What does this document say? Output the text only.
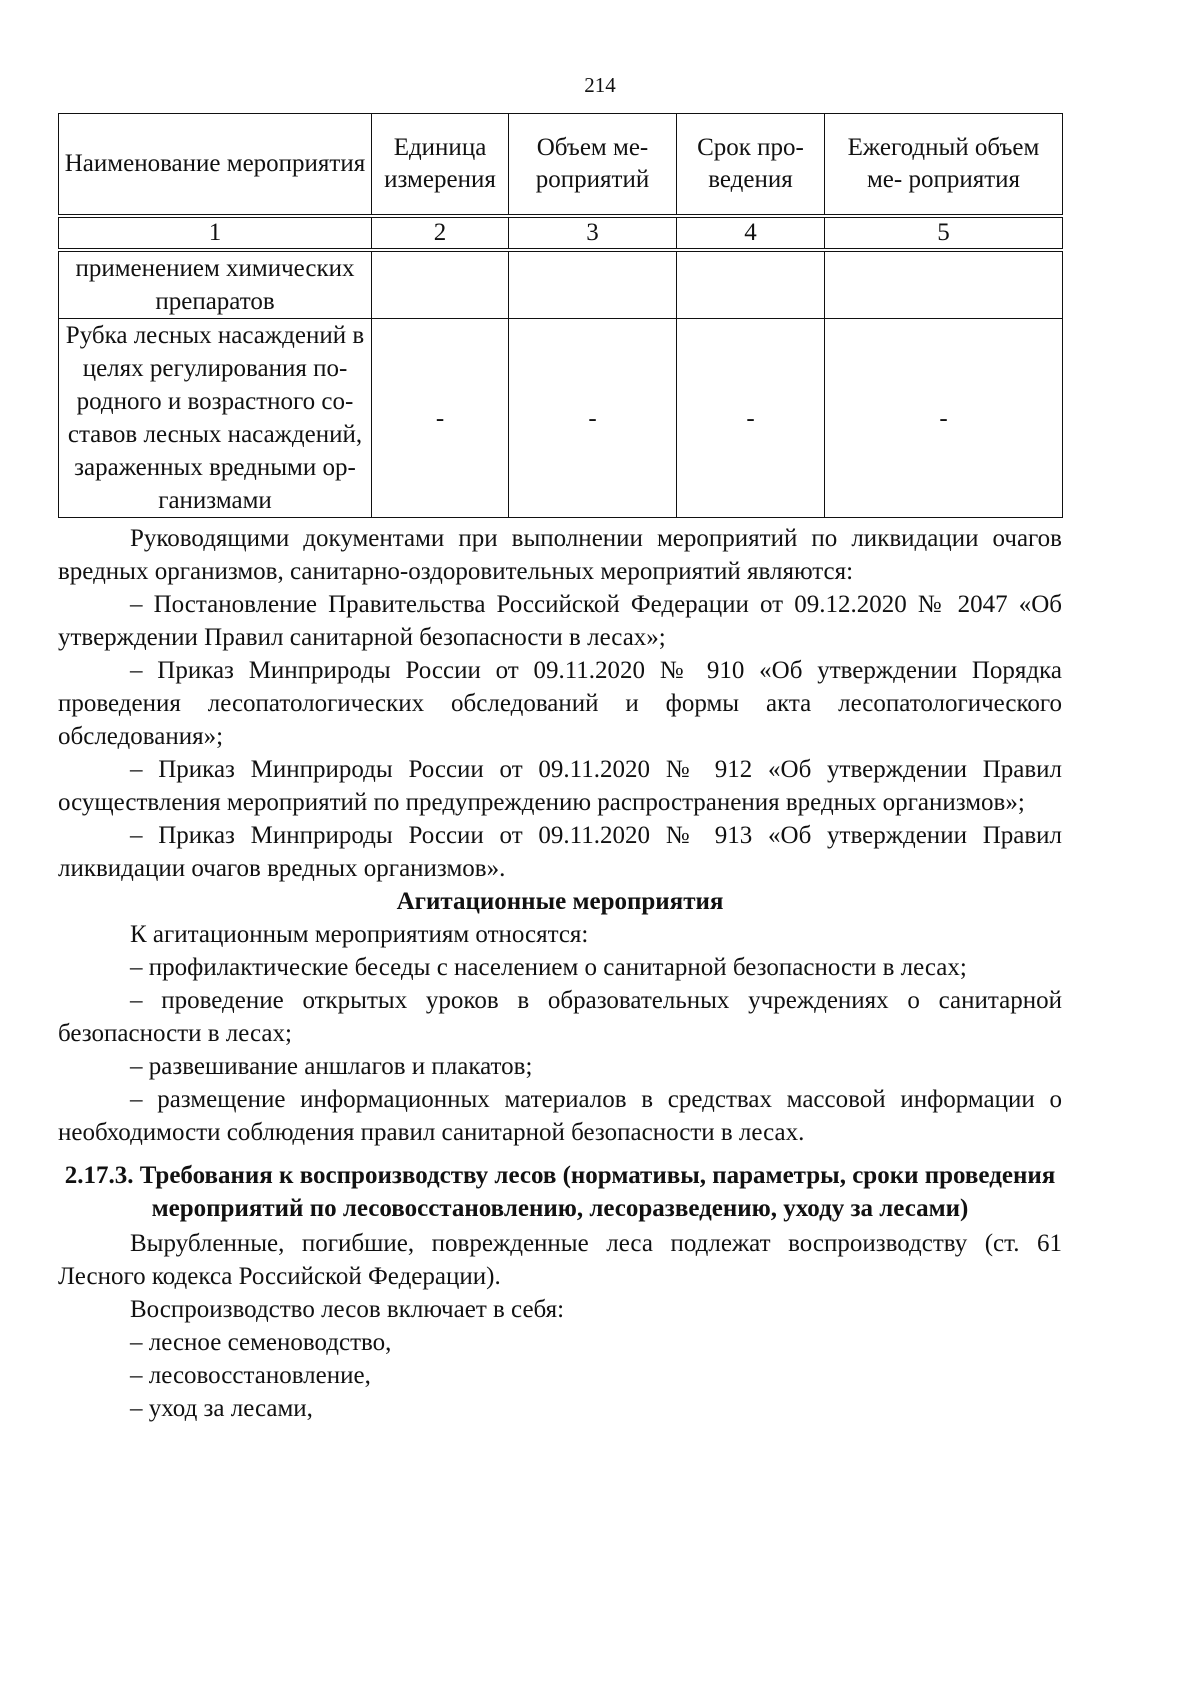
214
Наименование мероприятия	Единица измерения	Объем ме- роприятий	Срок про- ведения	Ежегодный объем ме- роприятия
1	2	3	4	5
применением химических препаратов				
Рубка лесных насаждений в целях регулирования по- родного и возрастного со- ставов лесных насаждений, зараженных вредными ор- ганизмами	-	-	-	-

Руководящими документами при выполнении мероприятий по ликвидации очагов вредных организмов, санитарно-оздоровительных мероприятий являются:

– Постановление Правительства Российской Федерации от 09.12.2020 № 2047 «Об утверждении Правил санитарной безопасности в лесах»;

– Приказ Минприроды России от 09.11.2020 № 910 «Об утверждении Порядка проведения лесопатологических обследований и формы акта лесопатологического обследования»;

– Приказ Минприроды России от 09.11.2020 № 912 «Об утверждении Правил осуществления мероприятий по предупреждению распространения вредных организмов»;

– Приказ Минприроды России от 09.11.2020 № 913 «Об утверждении Правил ликвидации очагов вредных организмов».

Агитационные мероприятия

К агитационным мероприятиям относятся:

– профилактические беседы с населением о санитарной безопасности в лесах;

– проведение открытых уроков в образовательных учреждениях о санитарной безопасности в лесах;

– развешивание аншлагов и плакатов;

– размещение информационных материалов в средствах массовой информации о необходимости соблюдения правил санитарной безопасности в лесах.

2.17.3. Требования к воспроизводству лесов (нормативы, параметры, сроки проведения мероприятий по лесовосстановлению, лесоразведению, уходу за лесами)

Вырубленные, погибшие, поврежденные леса подлежат воспроизводству (ст. 61 Лесного кодекса Российской Федерации).

Воспроизводство лесов включает в себя:

– лесное семеноводство,

– лесовосстановление,

– уход за лесами,
